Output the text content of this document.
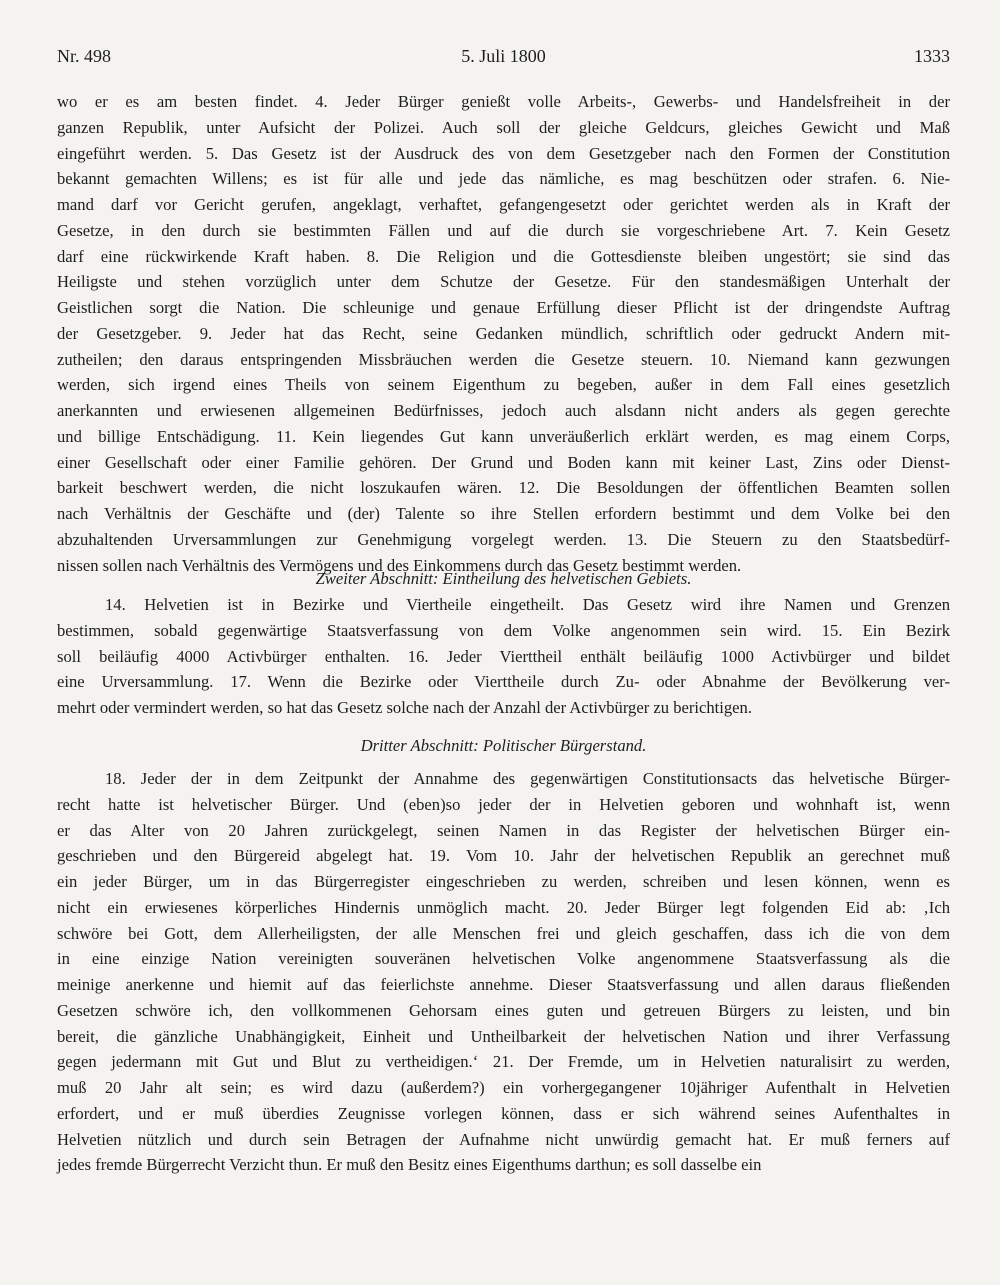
Nr. 498	5. Juli 1800	1333
wo er es am besten findet. 4. Jeder Bürger genießt volle Arbeits-, Gewerbs- und Handelsfreiheit in der
ganzen Republik, unter Aufsicht der Polizei. Auch soll der gleiche Geldcurs, gleiches Gewicht und Maß
eingeführt werden. 5. Das Gesetz ist der Ausdruck des von dem Gesetzgeber nach den Formen der Constitution
bekannt gemachten Willens; es ist für alle und jede das nämliche, es mag beschützen oder strafen. 6. Nie-
mand darf vor Gericht gerufen, angeklagt, verhaftet, gefangengesetzt oder gerichtet werden als in Kraft der
Gesetze, in den durch sie bestimmten Fällen und auf die durch sie vorgeschriebene Art. 7. Kein Gesetz
darf eine rückwirkende Kraft haben. 8. Die Religion und die Gottesdienste bleiben ungestört; sie sind das
Heiligste und stehen vorzüglich unter dem Schutze der Gesetze. Für den standesmäßigen Unterhalt der
Geistlichen sorgt die Nation. Die schleunige und genaue Erfüllung dieser Pflicht ist der dringendste Auftrag
der Gesetzgeber. 9. Jeder hat das Recht, seine Gedanken mündlich, schriftlich oder gedruckt Andern mit-
zutheilen; den daraus entspringenden Missbräuchen werden die Gesetze steuern. 10. Niemand kann gezwungen
werden, sich irgend eines Theils von seinem Eigenthum zu begeben, außer in dem Fall eines gesetzlich
anerkannten und erwiesenen allgemeinen Bedürfnisses, jedoch auch alsdann nicht anders als gegen gerechte
und billige Entschädigung. 11. Kein liegendes Gut kann unveräußerlich erklärt werden, es mag einem Corps,
einer Gesellschaft oder einer Familie gehören. Der Grund und Boden kann mit keiner Last, Zins oder Dienst-
barkeit beschwert werden, die nicht loszukaufen wären. 12. Die Besoldungen der öffentlichen Beamten sollen
nach Verhältnis der Geschäfte und (der) Talente so ihre Stellen erfordern bestimmt und dem Volke bei den
abzuhaltenden Urversammlungen zur Genehmigung vorgelegt werden. 13. Die Steuern zu den Staatsbedürf-
nissen sollen nach Verhältnis des Vermögens und des Einkommens durch das Gesetz bestimmt werden.
Zweiter Abschnitt: Eintheilung des helvetischen Gebiets.
14. Helvetien ist in Bezirke und Viertheile eingetheilt. Das Gesetz wird ihre Namen und Grenzen
bestimmen, sobald gegenwärtige Staatsverfassung von dem Volke angenommen sein wird. 15. Ein Bezirk
soll beiläufig 4000 Activbürger enthalten. 16. Jeder Vierttheil enthält beiläufig 1000 Activbürger und bildet
eine Urversammlung. 17. Wenn die Bezirke oder Vierttheile durch Zu- oder Abnahme der Bevölkerung ver-
mehrt oder vermindert werden, so hat das Gesetz solche nach der Anzahl der Activbürger zu berichtigen.
Dritter Abschnitt: Politischer Bürgerstand.
18. Jeder der in dem Zeitpunkt der Annahme des gegenwärtigen Constitutionsacts das helvetische Bürger-
recht hatte ist helvetischer Bürger. Und (eben)so jeder der in Helvetien geboren und wohnhaft ist, wenn
er das Alter von 20 Jahren zurückgelegt, seinen Namen in das Register der helvetischen Bürger ein-
geschrieben und den Bürgereid abgelegt hat. 19. Vom 10. Jahr der helvetischen Republik an gerechnet muß
ein jeder Bürger, um in das Bürgerregister eingeschrieben zu werden, schreiben und lesen können, wenn es
nicht ein erwiesenes körperliches Hindernis unmöglich macht. 20. Jeder Bürger legt folgenden Eid ab: ‚Ich
schwöre bei Gott, dem Allerheiligsten, der alle Menschen frei und gleich geschaffen, dass ich die von dem
in eine einzige Nation vereinigten souveränen helvetischen Volke angenommene Staatsverfassung als die
meinige anerkenne und hiemit auf das feierlichste annehme. Dieser Staatsverfassung und allen daraus fließenden
Gesetzen schwöre ich, den vollkommenen Gehorsam eines guten und getreuen Bürgers zu leisten, und bin
bereit, die gänzliche Unabhängigkeit, Einheit und Untheilbarkeit der helvetischen Nation und ihrer Verfassung
gegen jedermann mit Gut und Blut zu vertheidigen.‘ 21. Der Fremde, um in Helvetien naturalisirt zu werden,
muß 20 Jahr alt sein; es wird dazu (außerdem?) ein vorhergegangener 10jähriger Aufenthalt in Helvetien
erfordert, und er muß überdies Zeugnisse vorlegen können, dass er sich während seines Aufenthaltes in
Helvetien nützlich und durch sein Betragen der Aufnahme nicht unwürdig gemacht hat. Er muß ferners auf
jedes fremde Bürgerrecht Verzicht thun. Er muß den Besitz eines Eigenthums darthun; es soll dasselbe ein
